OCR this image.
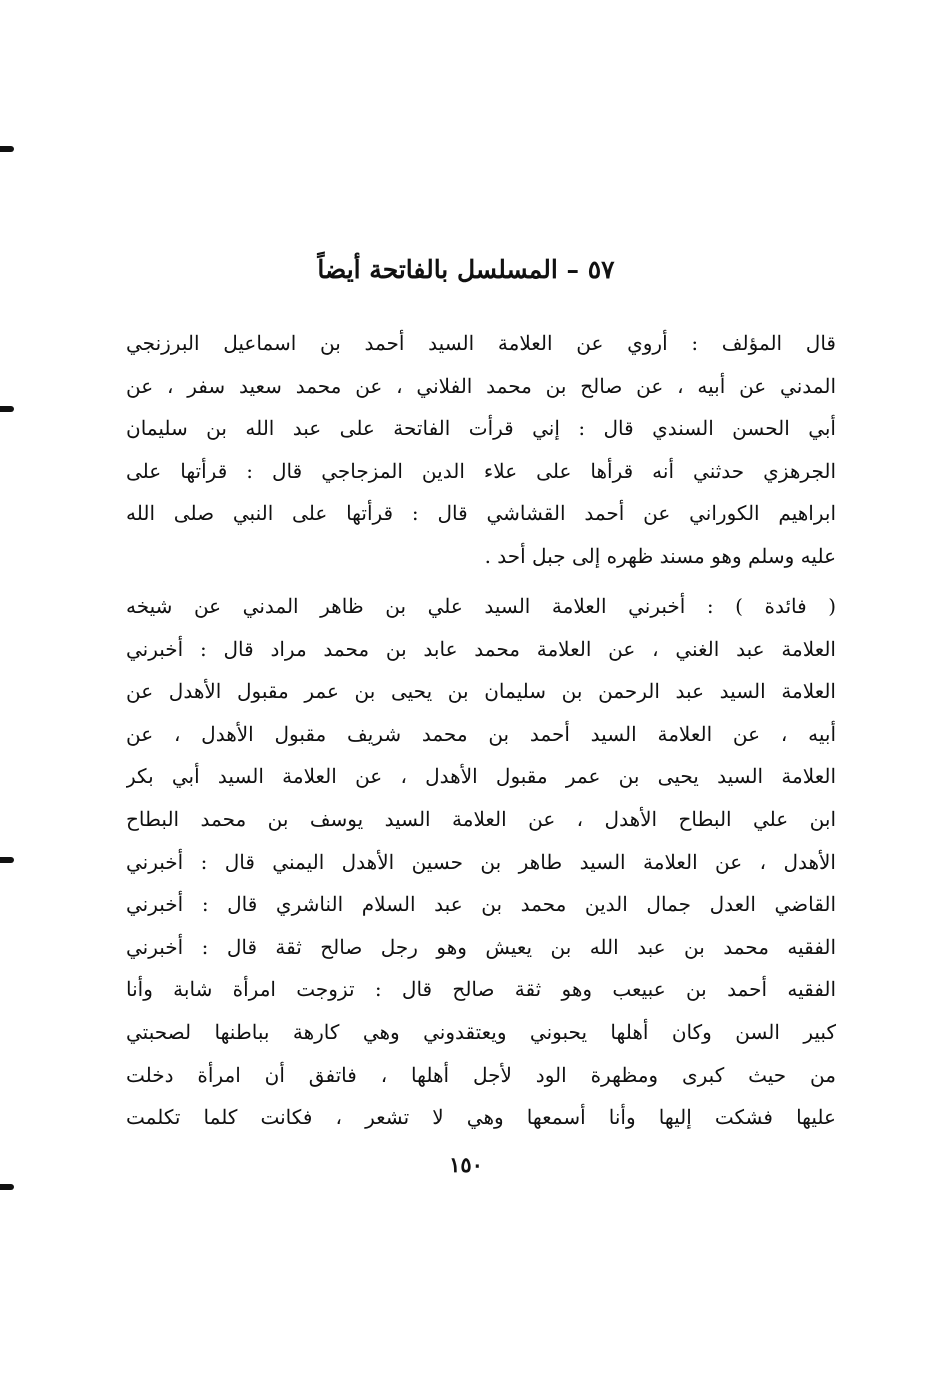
٥٧ – المسلسل بالفاتحة أيضاً
قال المؤلف : أروي عن العلامة السيد أحمد بن اسماعيل البرزنجي
المدني عن أبيه ، عن صالح بن محمد الفلاني ، عن محمد سعيد سفر ، عن
أبي الحسن السندي قال : إني قرأت الفاتحة على عبد الله بن سليمان
الجرهزي حدثني أنه قرأها على علاء الدين المزجاجي قال : قرأتها على
ابراهيم الكوراني عن أحمد القشاشي قال : قرأتها على النبي صلى الله
عليه وسلم وهو مسند ظهره إلى جبل أحد .
( فائدة ) : أخبرني العلامة السيد علي بن ظاهر المدني عن شيخه
العلامة عبد الغني ، عن العلامة محمد عابد بن محمد مراد قال : أخبرني
العلامة السيد عبد الرحمن بن سليمان بن يحيى بن عمر مقبول الأهدل عن
أبيه ، عن العلامة السيد أحمد بن محمد شريف مقبول الأهدل ، عن
العلامة السيد يحيى بن عمر مقبول الأهدل ، عن العلامة السيد أبي بكر
ابن علي البطاح الأهدل ، عن العلامة السيد يوسف بن محمد البطاح
الأهدل ، عن العلامة السيد طاهر بن حسين الأهدل اليمني قال : أخبرني
القاضي العدل جمال الدين محمد بن عبد السلام الناشري قال : أخبرني
الفقيه محمد بن عبد الله بن يعيش وهو رجل صالح ثقة قال : أخبرني
الفقيه أحمد بن عبيعب وهو ثقة صالح قال : تزوجت امرأة شابة وأنا
كبير السن وكان أهلها يحبوني ويعتقدوني وهي كارهة بباطنها لصحبتي
من حيث كبرى ومظهرة الود لأجل أهلها ، فاتفق أن امرأة دخلت
عليها فشكت إليها وأنا أسمعها وهي لا تشعر ، فكانت كلما تكلمت
١٥٠
